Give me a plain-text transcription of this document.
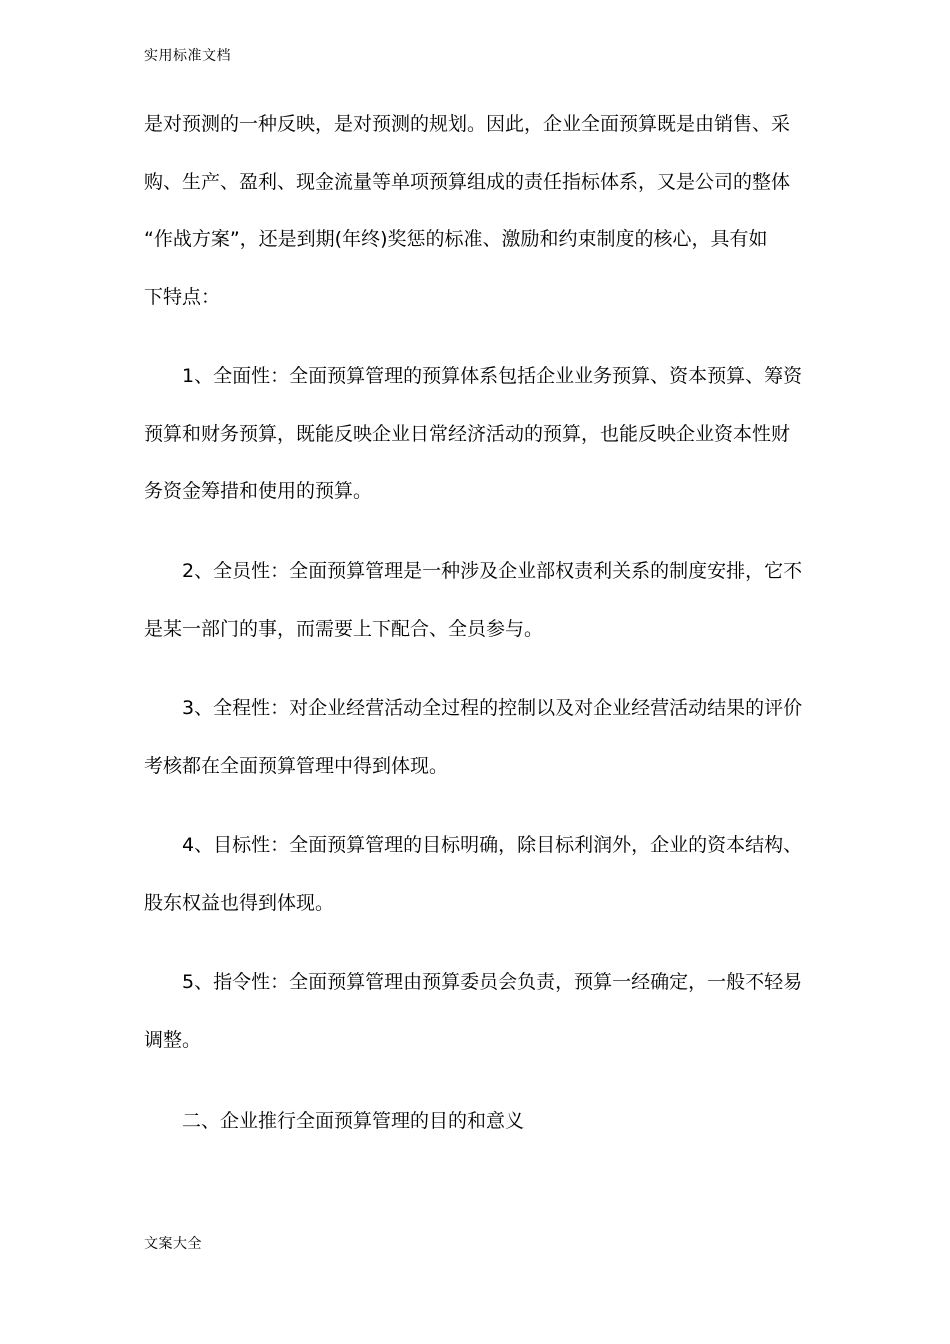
实用标准文档
是对预测的一种反映，是对预测的规划。因此，企业全面预算既是由销售、采
购、生产、盈利、现金流量等单项预算组成的责任指标体系，又是公司的整体
“作战方案”，还是到期(年终)奖惩的标准、激励和约束制度的核心，具有如
下特点：
1、全面性：全面预算管理的预算体系包括企业业务预算、资本预算、筹资
预算和财务预算，既能反映企业日常经济活动的预算，也能反映企业资本性财
务资金筹措和使用的预算。
2、全员性：全面预算管理是一种涉及企业部权责利关系的制度安排，它不
是某一部门的事，而需要上下配合、全员参与。
3、全程性：对企业经营活动全过程的控制以及对企业经营活动结果的评价
考核都在全面预算管理中得到体现。
4、目标性：全面预算管理的目标明确，除目标利润外，企业的资本结构、
股东权益也得到体现。
5、指令性：全面预算管理由预算委员会负责，预算一经确定，一般不轻易
调整。
二、企业推行全面预算管理的目的和意义
文案大全
